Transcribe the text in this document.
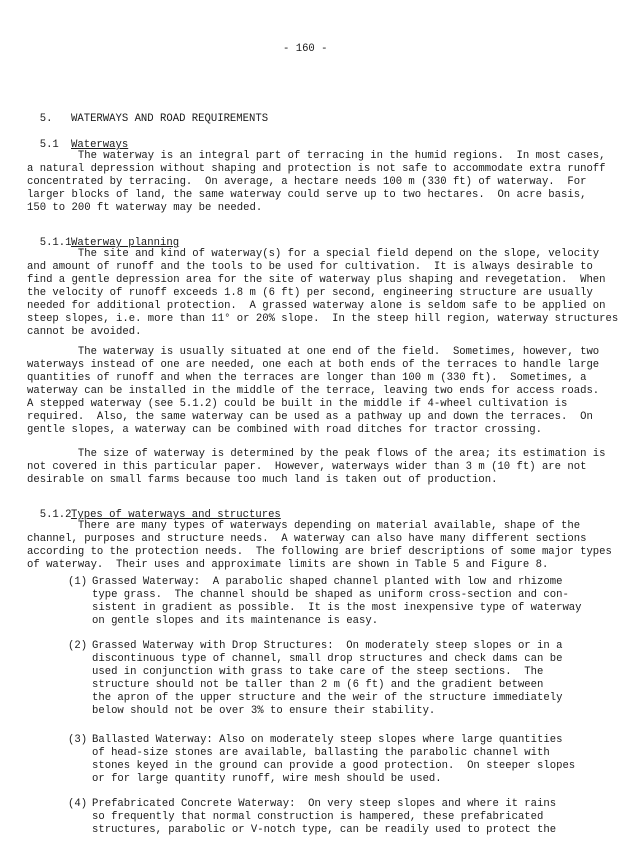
- 160 -

5. WATERWAYS AND ROAD REQUIREMENTS

5.1 Waterways

The waterway is an integral part of terracing in the humid regions.  In most cases,
a natural depression without shaping and protection is not safe to accommodate extra runoff
concentrated by terracing.  On average, a hectare needs 100 m (330 ft) of waterway.  For
larger blocks of land, the same waterway could serve up to two hectares.  On acre basis,
150 to 200 ft waterway may be needed.

5.1.1 Waterway planning

The site and kind of waterway(s) for a special field depend on the slope, velocity
and amount of runoff and the tools to be used for cultivation.  It is always desirable to
find a gentle depression area for the site of waterway plus shaping and revegetation.  When
the velocity of runoff exceeds 1.8 m (6 ft) per second, engineering structure are usually
needed for additional protection.  A grassed waterway alone is seldom safe to be applied on
steep slopes, i.e. more than 11° or 20% slope.  In the steep hill region, waterway structures
cannot be avoided.
The waterway is usually situated at one end of the field.  Sometimes, however, two
waterways instead of one are needed, one each at both ends of the terraces to handle large
quantities of runoff and when the terraces are longer than 100 m (330 ft).  Sometimes, a
waterway can be installed in the middle of the terrace, leaving two ends for access roads.
A stepped waterway (see 5.1.2) could be built in the middle if 4-wheel cultivation is
required.  Also, the same waterway can be used as a pathway up and down the terraces.  On
gentle slopes, a waterway can be combined with road ditches for tractor crossing.
The size of waterway is determined by the peak flows of the area; its estimation is
not covered in this particular paper.  However, waterways wider than 3 m (10 ft) are not
desirable on small farms because too much land is taken out of production.

5.1.2 Types of waterways and structures

There are many types of waterways depending on material available, shape of the
channel, purposes and structure needs.  A waterway can also have many different sections
according to the protection needs.  The following are brief descriptions of some major types
of waterway.  Their uses and approximate limits are shown in Table 5 and Figure 8.
(1) Grassed Waterway:  A parabolic shaped channel planted with low and rhizome
type grass.  The channel should be shaped as uniform cross-section and con-
sistent in gradient as possible.  It is the most inexpensive type of waterway
on gentle slopes and its maintenance is easy.
(2) Grassed Waterway with Drop Structures:  On moderately steep slopes or in a
discontinuous type of channel, small drop structures and check dams can be
used in conjunction with grass to take care of the steep sections.  The
structure should not be taller than 2 m (6 ft) and the gradient between
the apron of the upper structure and the weir of the structure immediately
below should not be over 3% to ensure their stability.
(3) Ballasted Waterway: Also on moderately steep slopes where large quantities
of head-size stones are available, ballasting the parabolic channel with
stones keyed in the ground can provide a good protection.  On steeper slopes
or for large quantity runoff, wire mesh should be used.
(4) Prefabricated Concrete Waterway:  On very steep slopes and where it rains
so frequently that normal construction is hampered, these prefabricated
structures, parabolic or V-notch type, can be readily used to protect the
